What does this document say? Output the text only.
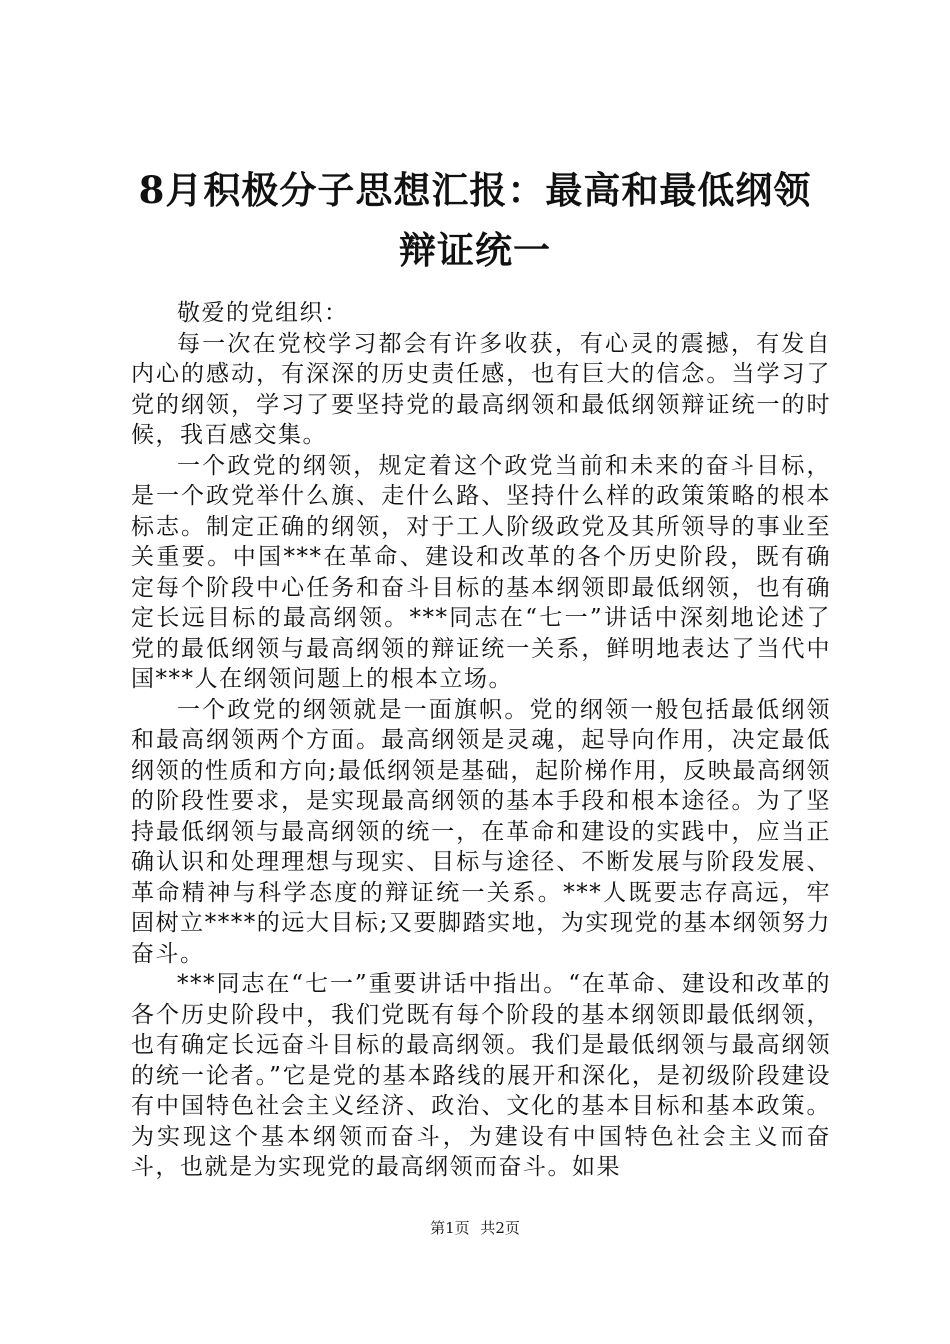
8月积极分子思想汇报：最高和最低纲领辩证统一

敬爱的党组织：

每一次在党校学习都会有许多收获，有心灵的震撼，有发自内心的感动，有深深的历史责任感，也有巨大的信念。当学习了党的纲领，学习了要坚持党的最高纲领和最低纲领辩证统一的时候，我百感交集。

一个政党的纲领，规定着这个政党当前和未来的奋斗目标，是一个政党举什么旗、走什么路、坚持什么样的政策策略的根本标志。制定正确的纲领，对于工人阶级政党及其所领导的事业至关重要。中国***在革命、建设和改革的各个历史阶段，既有确定每个阶段中心任务和奋斗目标的基本纲领即最低纲领，也有确定长远目标的最高纲领。***同志在“七一”讲话中深刻地论述了党的最低纲领与最高纲领的辩证统一关系，鲜明地表达了当代中国***人在纲领问题上的根本立场。

一个政党的纲领就是一面旗帜。党的纲领一般包括最低纲领和最高纲领两个方面。最高纲领是灵魂，起导向作用，决定最低纲领的性质和方向;最低纲领是基础，起阶梯作用，反映最高纲领的阶段性要求，是实现最高纲领的基本手段和根本途径。为了坚持最低纲领与最高纲领的统一，在革命和建设的实践中，应当正确认识和处理理想与现实、目标与途径、不断发展与阶段发展、革命精神与科学态度的辩证统一关系。***人既要志存高远，牢固树立****的远大目标;又要脚踏实地，为实现党的基本纲领努力奋斗。

***同志在“七一”重要讲话中指出。“在革命、建设和改革的各个历史阶段中，我们党既有每个阶段的基本纲领即最低纲领，也有确定长远奋斗目标的最高纲领。我们是最低纲领与最高纲领的统一论者。”它是党的基本路线的展开和深化，是初级阶段建设有中国特色社会主义经济、政治、文化的基本目标和基本政策。为实现这个基本纲领而奋斗，为建设有中国特色社会主义而奋斗，也就是为实现党的最高纲领而奋斗。如果

第1页 共2页
